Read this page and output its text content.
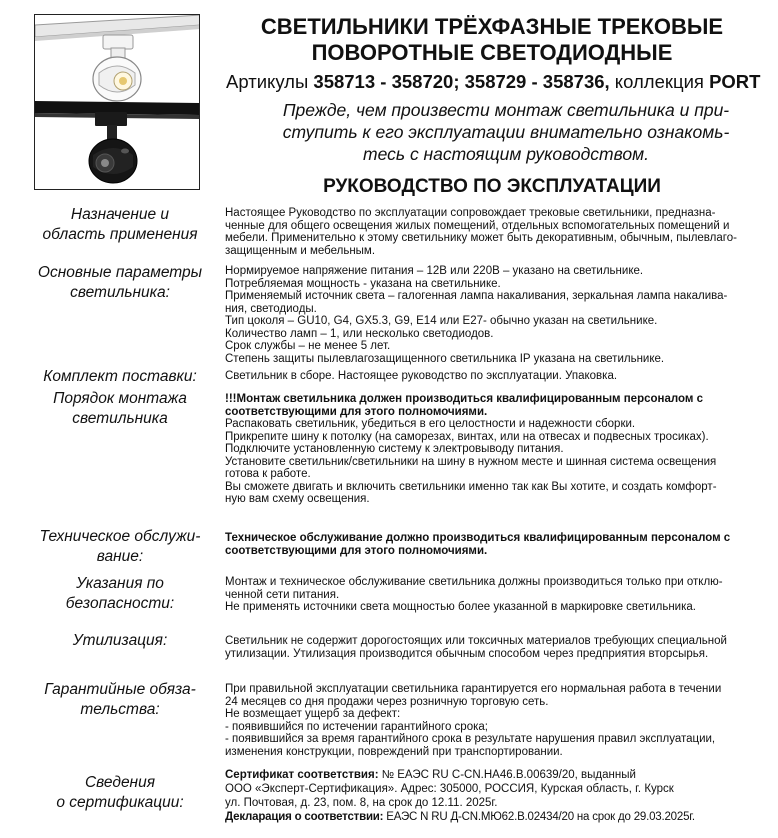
СВЕТИЛЬНИКИ ТРЁХФАЗНЫЕ ТРЕКОВЫЕ
ПОВОРОТНЫЕ СВЕТОДИОДНЫЕ
Артикулы 358713 - 358720; 358729 - 358736, коллекция PORT
Прежде, чем произвести монтаж светильника и при-
ступить к его эксплуатации внимательно ознакомь-
тесь с настоящим руководством.
РУКОВОДСТВО ПО ЭКСПЛУАТАЦИИ
Назначение и
область применения

Настоящее Руководство по эксплуатации сопровождает трековые светильники, предназна-

ченные для общего освещения жилых помещений, отдельных вспомогательных помещений и

мебели. Применительно к этому светильнику может быть декоративным, обычным, пылевлаго-

защищенным и мебельным.

Основные параметры
светильника:

Нормируемое напряжение питания – 12В или 220В – указано на светильнике.

Потребляемая мощность - указана на светильнике.

Применяемый источник света – галогенная лампа накаливания, зеркальная лампа накалива-

ния, светодиоды.

Тип цоколя – GU10, G4, GX5.3, G9, E14 или E27- обычно указан на светильнике.

Количество ламп – 1, или несколько светодиодов.

Срок службы – не менее 5 лет.

Степень защиты пылевлагозащищенного светильника IP указана на светильнике.

Комплект поставки:	Светильник в сборе. Настоящее руководство по эксплуатации. Упаковка.

Порядок монтажа
светильника

!!!Монтаж светильника должен производиться квалифицированным персоналом с

соответствующими для этого полномочиями.

Распаковать светильник, убедиться в его целостности и надежности сборки.

Прикрепите шину к потолку (на саморезах, винтах, или на отвесах и подвесных тросиках).

Подключите установленную систему к электровыводу питания.

Установите светильник/светильники на шину в нужном месте и шинная система освещения

готова к работе.

Вы сможете двигать и включить светильники именно так как Вы хотите, и создать комфорт-

ную вам схему освещения.

Техническое обслужи-
вание:

Техническое обслуживание должно производиться квалифицированным персоналом с

соответствующими для этого полномочиями.

Указания по
безопасности:

Монтаж и техническое обслуживание светильника должны производиться только при отклю-

ченной сети питания.

Не применять источники света мощностью более указанной в маркировке светильника.

Утилизация:	Светильник не содержит дорогостоящих или токсичных материалов требующих специальной

утилизации. Утилизация производится обычным способом через предприятия вторсырья.

Гарантийные обяза-
тельства:

При правильной эксплуатации светильника гарантируется его нормальная работа в течении

24 месяцев со дня продажи через розничную торговую сеть.

Не возмещает ущерб за дефект:

- появившийся по истечении гарантийного срока;

- появившийся за время гарантийного срока в результате нарушения правил эксплуатации,

изменения конструкции, повреждений при транспортировании.

Сведения
о сертификации:

Сертификат соответствия: № ЕАЭС RU С-CN.НА46.В.00639/20, выданный

ООО «Эксперт-Сертификация». Адрес: 305000, РОССИЯ, Курская область, г. Курск

ул. Почтовая, д. 23, пом. 8, на срок до 12.11. 2025г.

Декларация о соответствии: ЕАЭС N RU Д-CN.МЮ62.В.02434/20 на срок до 29.03.2025г.
